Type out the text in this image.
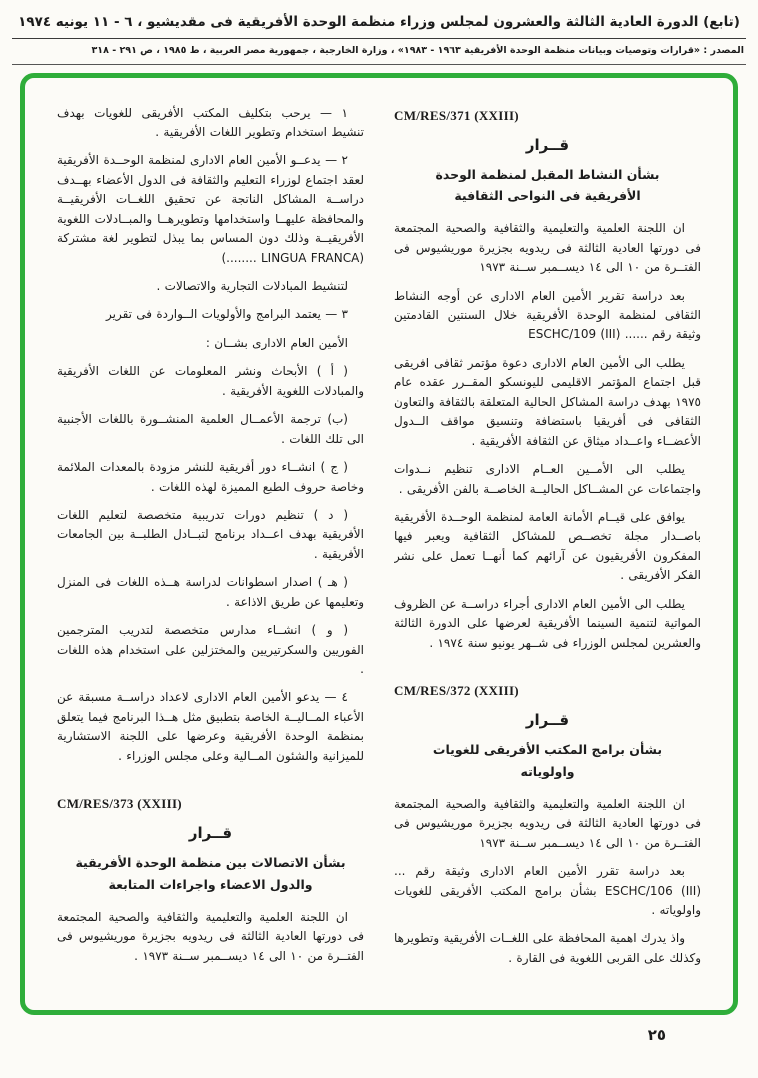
(تابع) الدورة العادية الثالثة والعشرون لمجلس وزراء منظمة الوحدة الأفريقية فى مقديشيو ، ٦ - ١١ يونيه ١٩٧٤
المصدر : «قرارات وتوصيات وبيانات منظمة الوحدة الأفريقية ١٩٦٣ - ١٩٨٣» ، وزارة الخارجية ، جمهورية مصر العربية ، ط ١٩٨٥ ، ص ٢٩١ - ٣١٨
CM/RES/371 (XXIII)
قــرار
بشأن النشاط المقبل لمنظمة الوحدة الأفريقية فى النواحى الثقافية

ان اللجنة العلمية والتعليمية والثقافية والصحية المجتمعة فى دورتها العادية الثالثة فى ريدويه بجزيرة موريشيوس فى الفتــرة من ١٠ الى ١٤ ديســمبر ســنة ١٩٧٣

بعد دراسة تقرير الأمين العام الادارى عن أوجه النشاط الثقافى لمنظمة الوحدة الأفريقية خلال السنتين القادمتين وثيقة رقم ...... ESCHC/109 (III)

يطلب الى الأمين العام الادارى دعوة مؤتمر ثقافى افريقى قبل اجتماع المؤتمر الاقليمى لليونسكو المقــرر عقده عام ١٩٧٥ بهدف دراسة المشاكل الحالية المتعلقة بالثقافة والتعاون الثقافى فى أفريقيا باستضافة وتنسيق مواقف الــدول الأعضــاء واعــداد ميثاق عن الثقافة الأفريقية .

يطلب الى الأمــين العــام الادارى تنظيم نــدوات واجتماعات عن المشــاكل الحاليــة الخاصــة بالفن الأفريقى .

يوافق على قيــام الأمانة العامة لمنظمة الوحــدة الأفريقية باصــدار مجلة تخصــص للمشاكل الثقافية ويعبر فيها المفكرون الأفريقيون عن آرائهم كما أنهــا تعمل على نشر الفكر الأفريقى .

يطلب الى الأمين العام الادارى أجراء دراســة عن الظروف المواتية لتنمية السينما الأفريقية لعرضها على الدورة الثالثة والعشرين لمجلس الوزراء فى شــهر يونيو سنة ١٩٧٤ .

CM/RES/372 (XXIII)
قــرار
بشأن برامج المكتب الأفريقى للغويات واولوياته

ان اللجنة العلمية والتعليمية والثقافية والصحية المجتمعة فى دورتها العادية الثالثة فى ريدويه بجزيرة موريشيوس فى الفتــرة من ١٠ الى ١٤ ديســمبر ســنة ١٩٧٣

بعد دراسة تقرر الأمين العام الادارى وثيقة رقم ... ESCHC/106 (III) بشأن برامج المكتب الأفريقى للغويات واولوياته .

واذ يدرك اهمية المحافظة على اللغــات الأفريقية وتطويرها وكذلك على القربى اللغوية فى القارة .

١ — يرحب بتكليف المكتب الأفريقى للغويات بهدف تنشيط استخدام وتطوير اللغات الأفريقية .

٢ — يدعــو الأمين العام الادارى لمنظمة الوحــدة الأفريقية لعقد اجتماع لوزراء التعليم والثقافة فى الدول الأعضاء بهــدف دراســة المشاكل الناتجة عن تحقيق اللغــات الأفريقيــة والمحافظة عليهــا واستخدامها وتطويرهــا والمبــادلات اللغوية الأفريقيــة وذلك دون المساس بما يبذل لتطوير لغة مشتركة (LINGUA FRANCA ........)

لتنشيط المبادلات التجارية والاتصالات .

٣ — يعتمد البرامج والأولويات الــواردة فى تقرير

الأمين العام الادارى بشــان :

( أ ) الأبحاث ونشر المعلومات عن اللغات الأفريقية والمبادلات اللغوية الأفريقية .

(ب) ترجمة الأعمــال العلمية المنشــورة باللغات الأجنبية الى تلك اللغات .

( ج ) انشــاء دور أفريقية للنشر مزودة بالمعدات الملائمة وخاصة حروف الطبع المميزة لهذه اللغات .

( د ) تنظيم دورات تدريبية متخصصة لتعليم اللغات الأفريقية بهدف اعــداد برنامج لتبــادل الطلبــة بين الجامعات الأفريقية .

( هـ ) اصدار اسطوانات لدراسة هــذه اللغات فى المنزل وتعليمها عن طريق الاذاعة .

( و ) انشــاء مدارس متخصصة لتدريب المترجمين الفوريين والسكرتيريين والمختزلين على استخدام هذه اللغات .

٤ — يدعو الأمين العام الادارى لاعداد دراســة مسبقة عن الأعباء المــاليــة الخاصة بتطبيق مثل هــذا البرنامج فيما يتعلق بمنظمة الوحدة الأفريقية وعرضها على اللجنة الاستشارية للميزانية والشئون المــالية وعلى مجلس الوزراء .

CM/RES/373 (XXIII)
قــرار
بشأن الاتصالات بين منظمة الوحدة الأفريقية والدول الاعضاء واجراءات المتابعة

ان اللجنة العلمية والتعليمية والثقافية والصحية المجتمعة فى دورتها العادية الثالثة فى ريدويه بجزيرة موريشيوس فى الفتــرة من ١٠ الى ١٤ ديســمبر ســنة ١٩٧٣ .

٢٥
